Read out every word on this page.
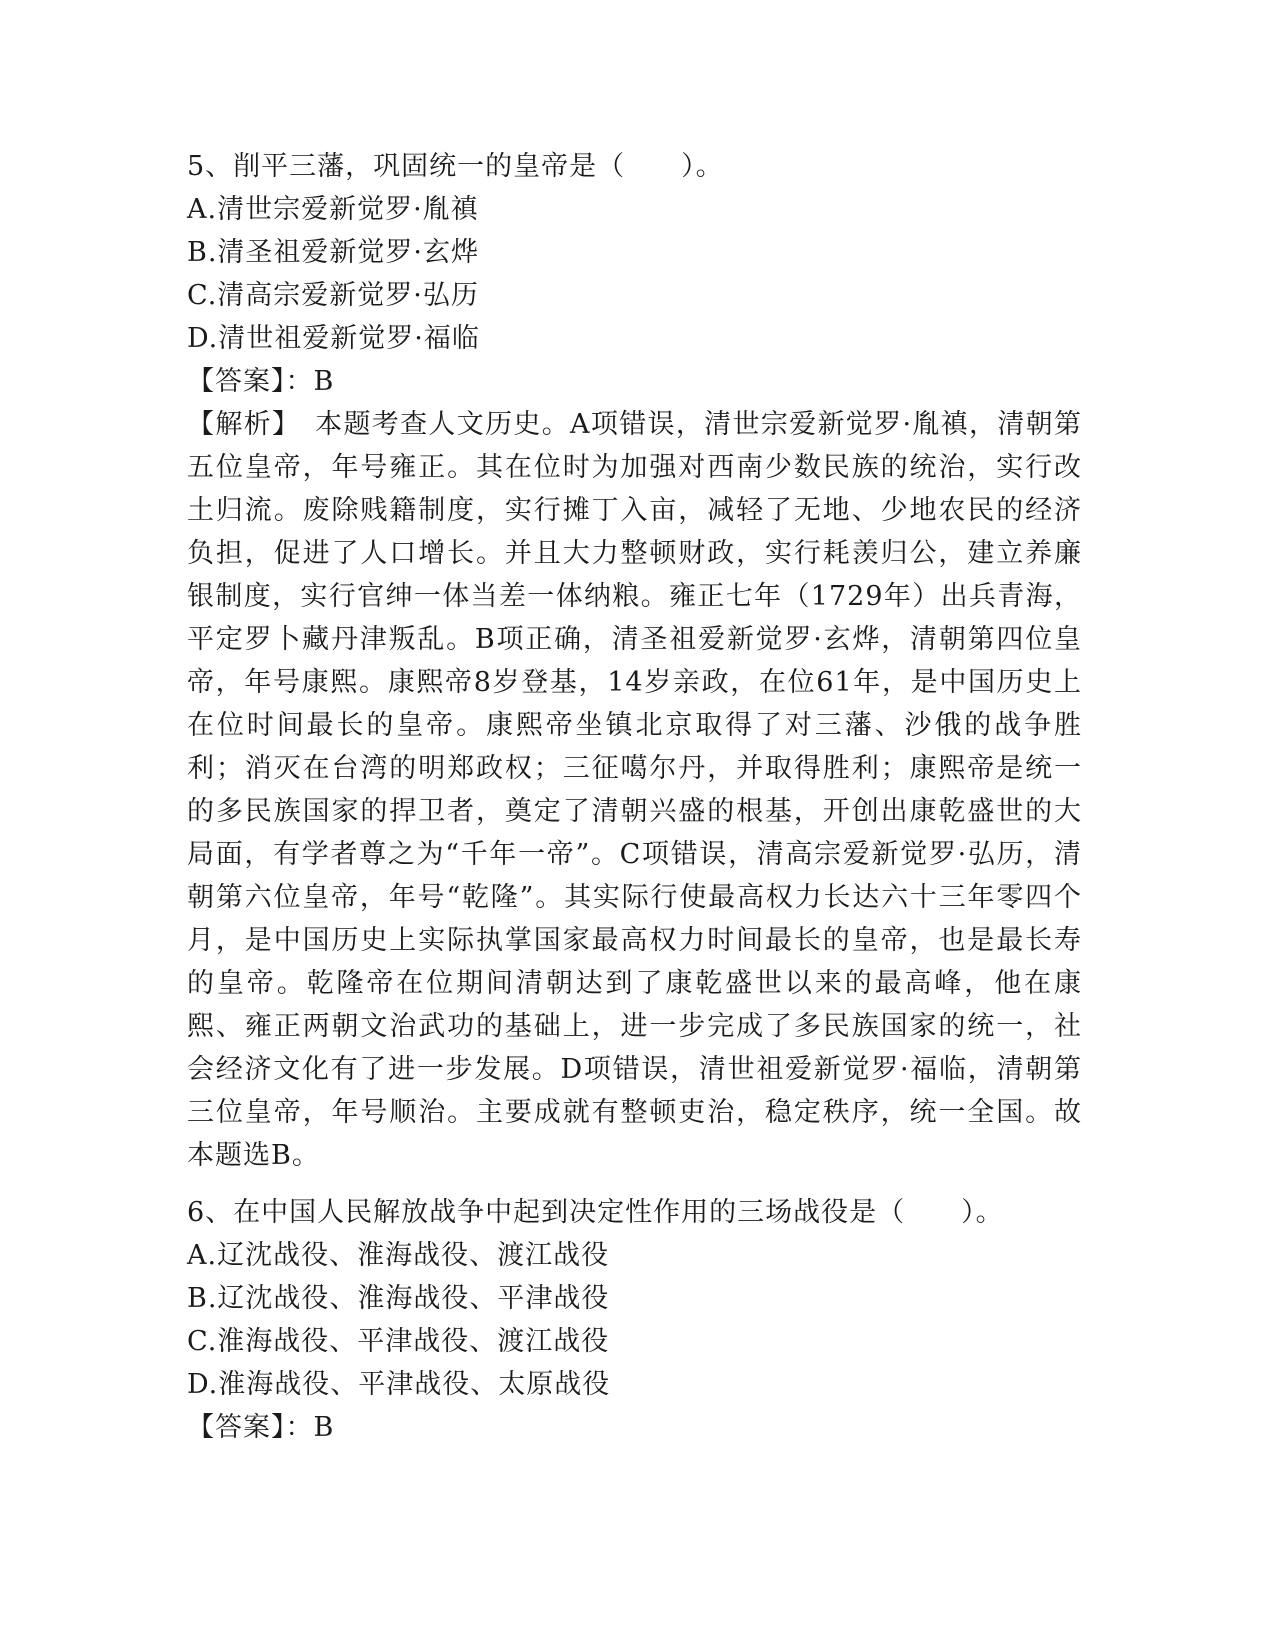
5、削平三藩，巩固统一的皇帝是（　　）。
A.清世宗爱新觉罗·胤禛
B.清圣祖爱新觉罗·玄烨
C.清高宗爱新觉罗·弘历
D.清世祖爱新觉罗·福临
【答案】：B
【解析】　本题考查人文历史。A项错误，清世宗爱新觉罗·胤禛，清朝第五位皇帝，年号雍正。其在位时为加强对西南少数民族的统治，实行改土归流。废除贱籍制度，实行摊丁入亩，减轻了无地、少地农民的经济负担，促进了人口增长。并且大力整顿财政，实行耗羡归公，建立养廉银制度，实行官绅一体当差一体纳粮。雍正七年（1729年）出兵青海，平定罗卜藏丹津叛乱。B项正确，清圣祖爱新觉罗·玄烨，清朝第四位皇帝，年号康熙。康熙帝8岁登基，14岁亲政，在位61年，是中国历史上在位时间最长的皇帝。康熙帝坐镇北京取得了对三藩、沙俄的战争胜利；消灭在台湾的明郑政权；三征噶尔丹，并取得胜利；康熙帝是统一的多民族国家的捍卫者，奠定了清朝兴盛的根基，开创出康乾盛世的大局面，有学者尊之为“千年一帝”。C项错误，清高宗爱新觉罗·弘历，清朝第六位皇帝，年号“乾隆”。其实际行使最高权力长达六十三年零四个月，是中国历史上实际执掌国家最高权力时间最长的皇帝，也是最长寿的皇帝。乾隆帝在位期间清朝达到了康乾盛世以来的最高峰，他在康熙、雍正两朝文治武功的基础上，进一步完成了多民族国家的统一，社会经济文化有了进一步发展。D项错误，清世祖爱新觉罗·福临，清朝第三位皇帝，年号顺治。主要成就有整顿吏治，稳定秩序，统一全国。故本题选B。
6、在中国人民解放战争中起到决定性作用的三场战役是（　　）。
A.辽沈战役、淮海战役、渡江战役
B.辽沈战役、淮海战役、平津战役
C.淮海战役、平津战役、渡江战役
D.淮海战役、平津战役、太原战役
【答案】：B
